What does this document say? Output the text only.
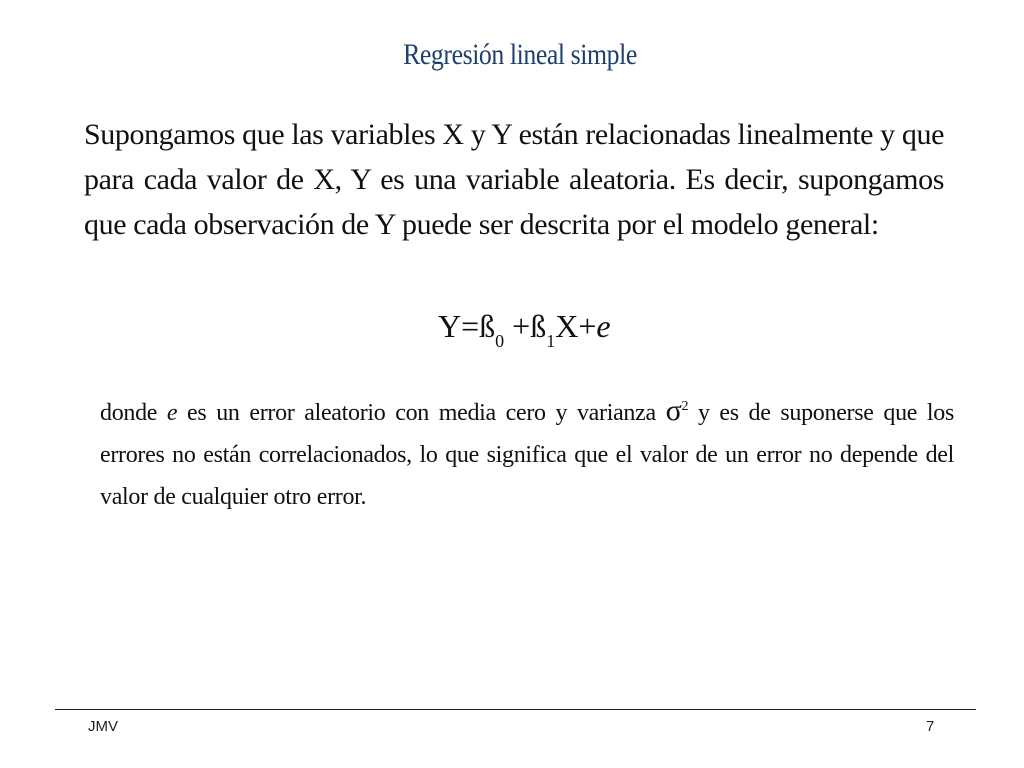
Regresión lineal simple

Supongamos que las variables X y Y están relacionadas linealmente y que para cada valor de X, Y es una variable aleatoria. Es decir, supongamos que cada observación de Y puede ser descrita por el modelo general:

$Y=ß_0$ $+ß_1X+e$

donde e es un error aleatorio con media cero y varianza $\sigma^2$ y es de suponerse que los errores no están correlacionados, lo que significa que el valor de un error no depende del valor de cualquier otro error.

JMV	7
